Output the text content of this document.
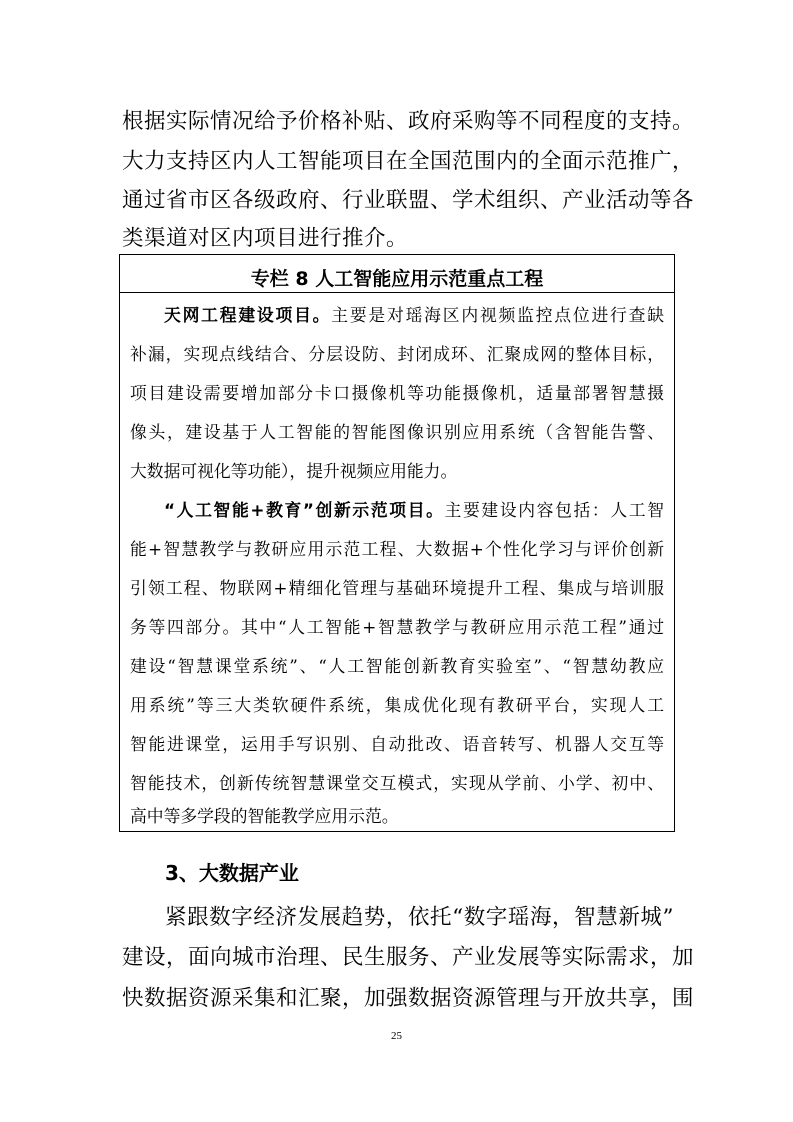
根据实际情况给予价格补贴、政府采购等不同程度的支持。

大力支持区内人工智能项目在全国范围内的全面示范推广，

通过省市区各级政府、行业联盟、学术组织、产业活动等各

类渠道对区内项目进行推介。

专栏 8 人工智能应用示范重点工程

天网工程建设项目。主要是对瑶海区内视频监控点位进行查缺

补漏，实现点线结合、分层设防、封闭成环、汇聚成网的整体目标，

项目建设需要增加部分卡口摄像机等功能摄像机，适量部署智慧摄

像头，建设基于人工智能的智能图像识别应用系统（含智能告警、

大数据可视化等功能），提升视频应用能力。

“人工智能+教育”创新示范项目。主要建设内容包括：人工智

能+智慧教学与教研应用示范工程、大数据+个性化学习与评价创新

引领工程、物联网+精细化管理与基础环境提升工程、集成与培训服

务等四部分。其中“人工智能+智慧教学与教研应用示范工程”通过

建设“智慧课堂系统”、“人工智能创新教育实验室”、“智慧幼教应

用系统”等三大类软硬件系统，集成优化现有教研平台，实现人工

智能进课堂，运用手写识别、自动批改、语音转写、机器人交互等

智能技术，创新传统智慧课堂交互模式，实现从学前、小学、初中、

高中等多学段的智能教学应用示范。

3、大数据产业

紧跟数字经济发展趋势，依托“数字瑶海，智慧新城”

建设，面向城市治理、民生服务、产业发展等实际需求，加

快数据资源采集和汇聚，加强数据资源管理与开放共享，围

25
